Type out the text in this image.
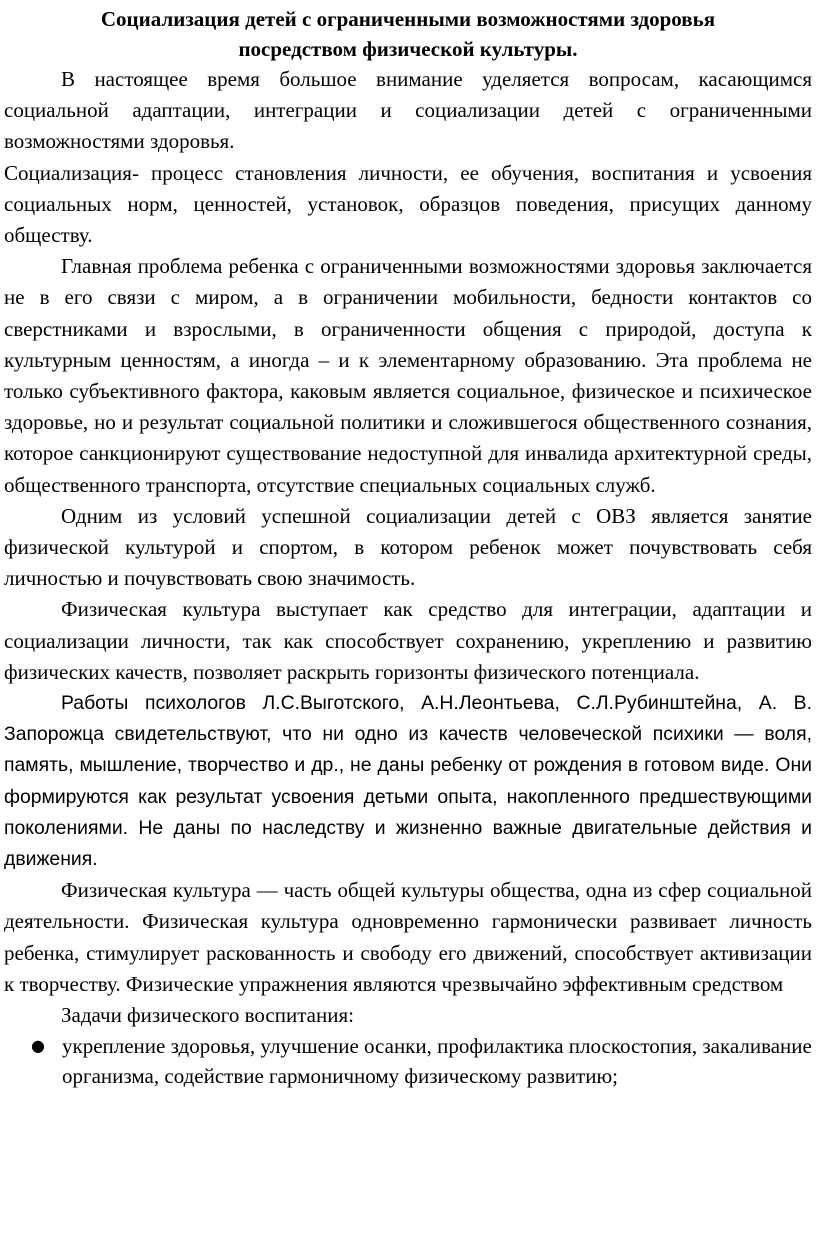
Социализация детей с ограниченными возможностями здоровья
посредством физической культуры.

В настоящее время большое внимание уделяется вопросам, касающимся социальной адаптации, интеграции и социализации детей с ограниченными возможностями здоровья.

Социализация- процесс становления личности, ее обучения, воспитания и усвоения социальных норм, ценностей, установок, образцов поведения, присущих данному обществу.

Главная проблема ребенка с ограниченными возможностями здоровья заключается не в его связи с миром, а в ограничении мобильности, бедности контактов со сверстниками и взрослыми, в ограниченности общения с природой, доступа к культурным ценностям, а иногда – и к элементарному образованию. Эта проблема не только субъективного фактора, каковым является социальное, физическое и психическое здоровье, но и результат социальной политики и сложившегося общественного сознания, которое санкционируют существование недоступной для инвалида архитектурной среды, общественного транспорта, отсутствие специальных социальных служб.

Одним из условий успешной социализации детей с ОВЗ является занятие физической культурой и спортом, в котором ребенок может почувствовать себя личностью и почувствовать свою значимость.

Физическая культура выступает как средство для интеграции, адаптации и социализации личности, так как способствует сохранению, укреплению и развитию физических качеств, позволяет раскрыть горизонты физического потенциала.

Работы психологов Л.С.Выготского, А.Н.Леонтьева, С.Л.Рубинштейна, А. В. Запорожца свидетельствуют, что ни одно из качеств человеческой психики — воля, память, мышление, творчество и др., не даны ребенку от рождения в готовом виде. Они формируются как результат усвоения детьми опыта, накопленного предшествующими поколениями. Не даны по наследству и жизненно важные двигательные действия и движения.

Физическая культура — часть общей культуры общества, одна из сфер социальной деятельности. Физическая культура одновременно гармонически развивает личность ребенка, стимулирует раскованность и свободу его движений, способствует активизации к творчеству. Физические упражнения являются чрезвычайно эффективным средством

Задачи физического воспитания:

● укрепление здоровья, улучшение осанки, профилактика плоскостопия, закаливание организма, содействие гармоничному физическому развитию;
